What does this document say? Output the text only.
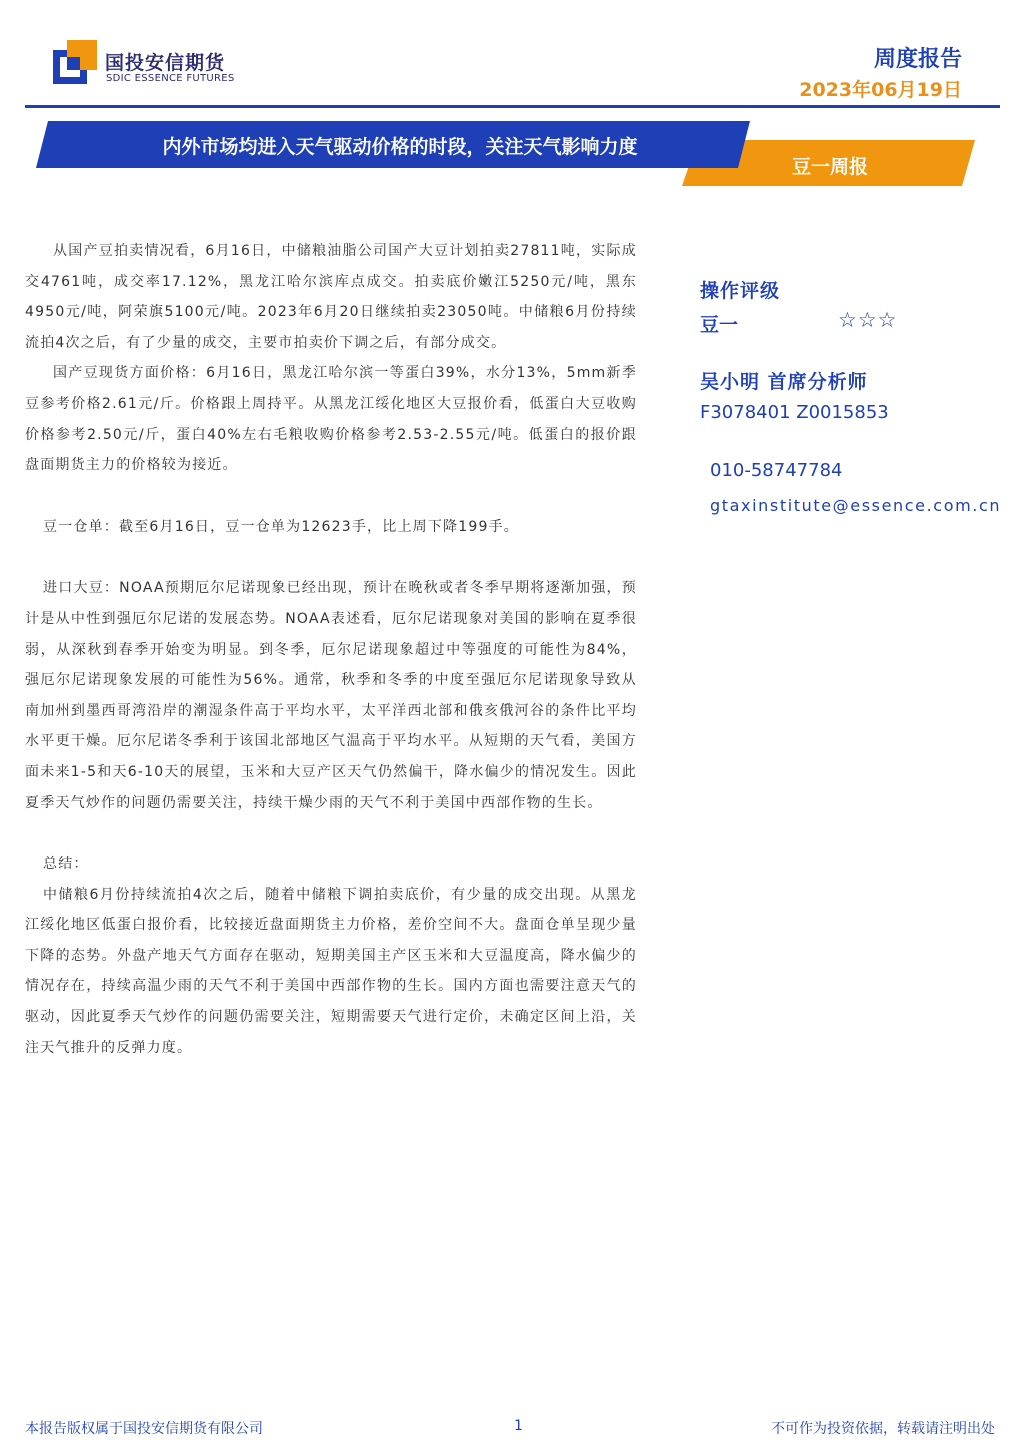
国投安信期货
SDIC ESSENCE FUTURES
周度报告
2023年06月19日
内外市场均进入天气驱动价格的时段，关注天气影响力度
豆一周报

从国产豆拍卖情况看，6月16日，中储粮油脂公司国产大豆计划拍卖27811吨，实际成交4761吨，成交率17.12%，黑龙江哈尔滨库点成交。拍卖底价嫩江5250元/吨，黑东4950元/吨，阿荣旗5100元/吨。2023年6月20日继续拍卖23050吨。中储粮6月份持续流拍4次之后，有了少量的成交，主要市拍卖价下调之后，有部分成交。

国产豆现货方面价格：6月16日，黑龙江哈尔滨一等蛋白39%，水分13%，5mm新季豆参考价格2.61元/斤。价格跟上周持平。从黑龙江绥化地区大豆报价看，低蛋白大豆收购价格参考2.50元/斤，蛋白40%左右毛粮收购价格参考2.53-2.55元/吨。低蛋白的报价跟盘面期货主力的价格较为接近。

豆一仓单：截至6月16日，豆一仓单为12623手，比上周下降199手。

进口大豆：NOAA预期厄尔尼诺现象已经出现，预计在晚秋或者冬季早期将逐渐加强，预计是从中性到强厄尔尼诺的发展态势。NOAA表述看，厄尔尼诺现象对美国的影响在夏季很弱，从深秋到春季开始变为明显。到冬季，厄尔尼诺现象超过中等强度的可能性为84%，强厄尔尼诺现象发展的可能性为56%。通常，秋季和冬季的中度至强厄尔尼诺现象导致从南加州到墨西哥湾沿岸的潮湿条件高于平均水平，太平洋西北部和俄亥俄河谷的条件比平均水平更干燥。厄尔尼诺冬季利于该国北部地区气温高于平均水平。从短期的天气看，美国方面未来1-5和天6-10天的展望，玉米和大豆产区天气仍然偏干，降水偏少的情况发生。因此夏季天气炒作的问题仍需要关注，持续干燥少雨的天气不利于美国中西部作物的生长。

总结：

中储粮6月份持续流拍4次之后，随着中储粮下调拍卖底价，有少量的成交出现。从黑龙江绥化地区低蛋白报价看，比较接近盘面期货主力价格，差价空间不大。盘面仓单呈现少量下降的态势。外盘产地天气方面存在驱动，短期美国主产区玉米和大豆温度高，降水偏少的情况存在，持续高温少雨的天气不利于美国中西部作物的生长。国内方面也需要注意天气的驱动，因此夏季天气炒作的问题仍需要关注，短期需要天气进行定价，未确定区间上沿，关注天气推升的反弹力度。

操作评级
豆一	☆☆☆
吴小明 首席分析师
F3078401 Z0015853
010-58747784
gtaxinstitute@essence.com.cn
本报告版权属于国投安信期货有限公司	1	不可作为投资依据，转载请注明出处
